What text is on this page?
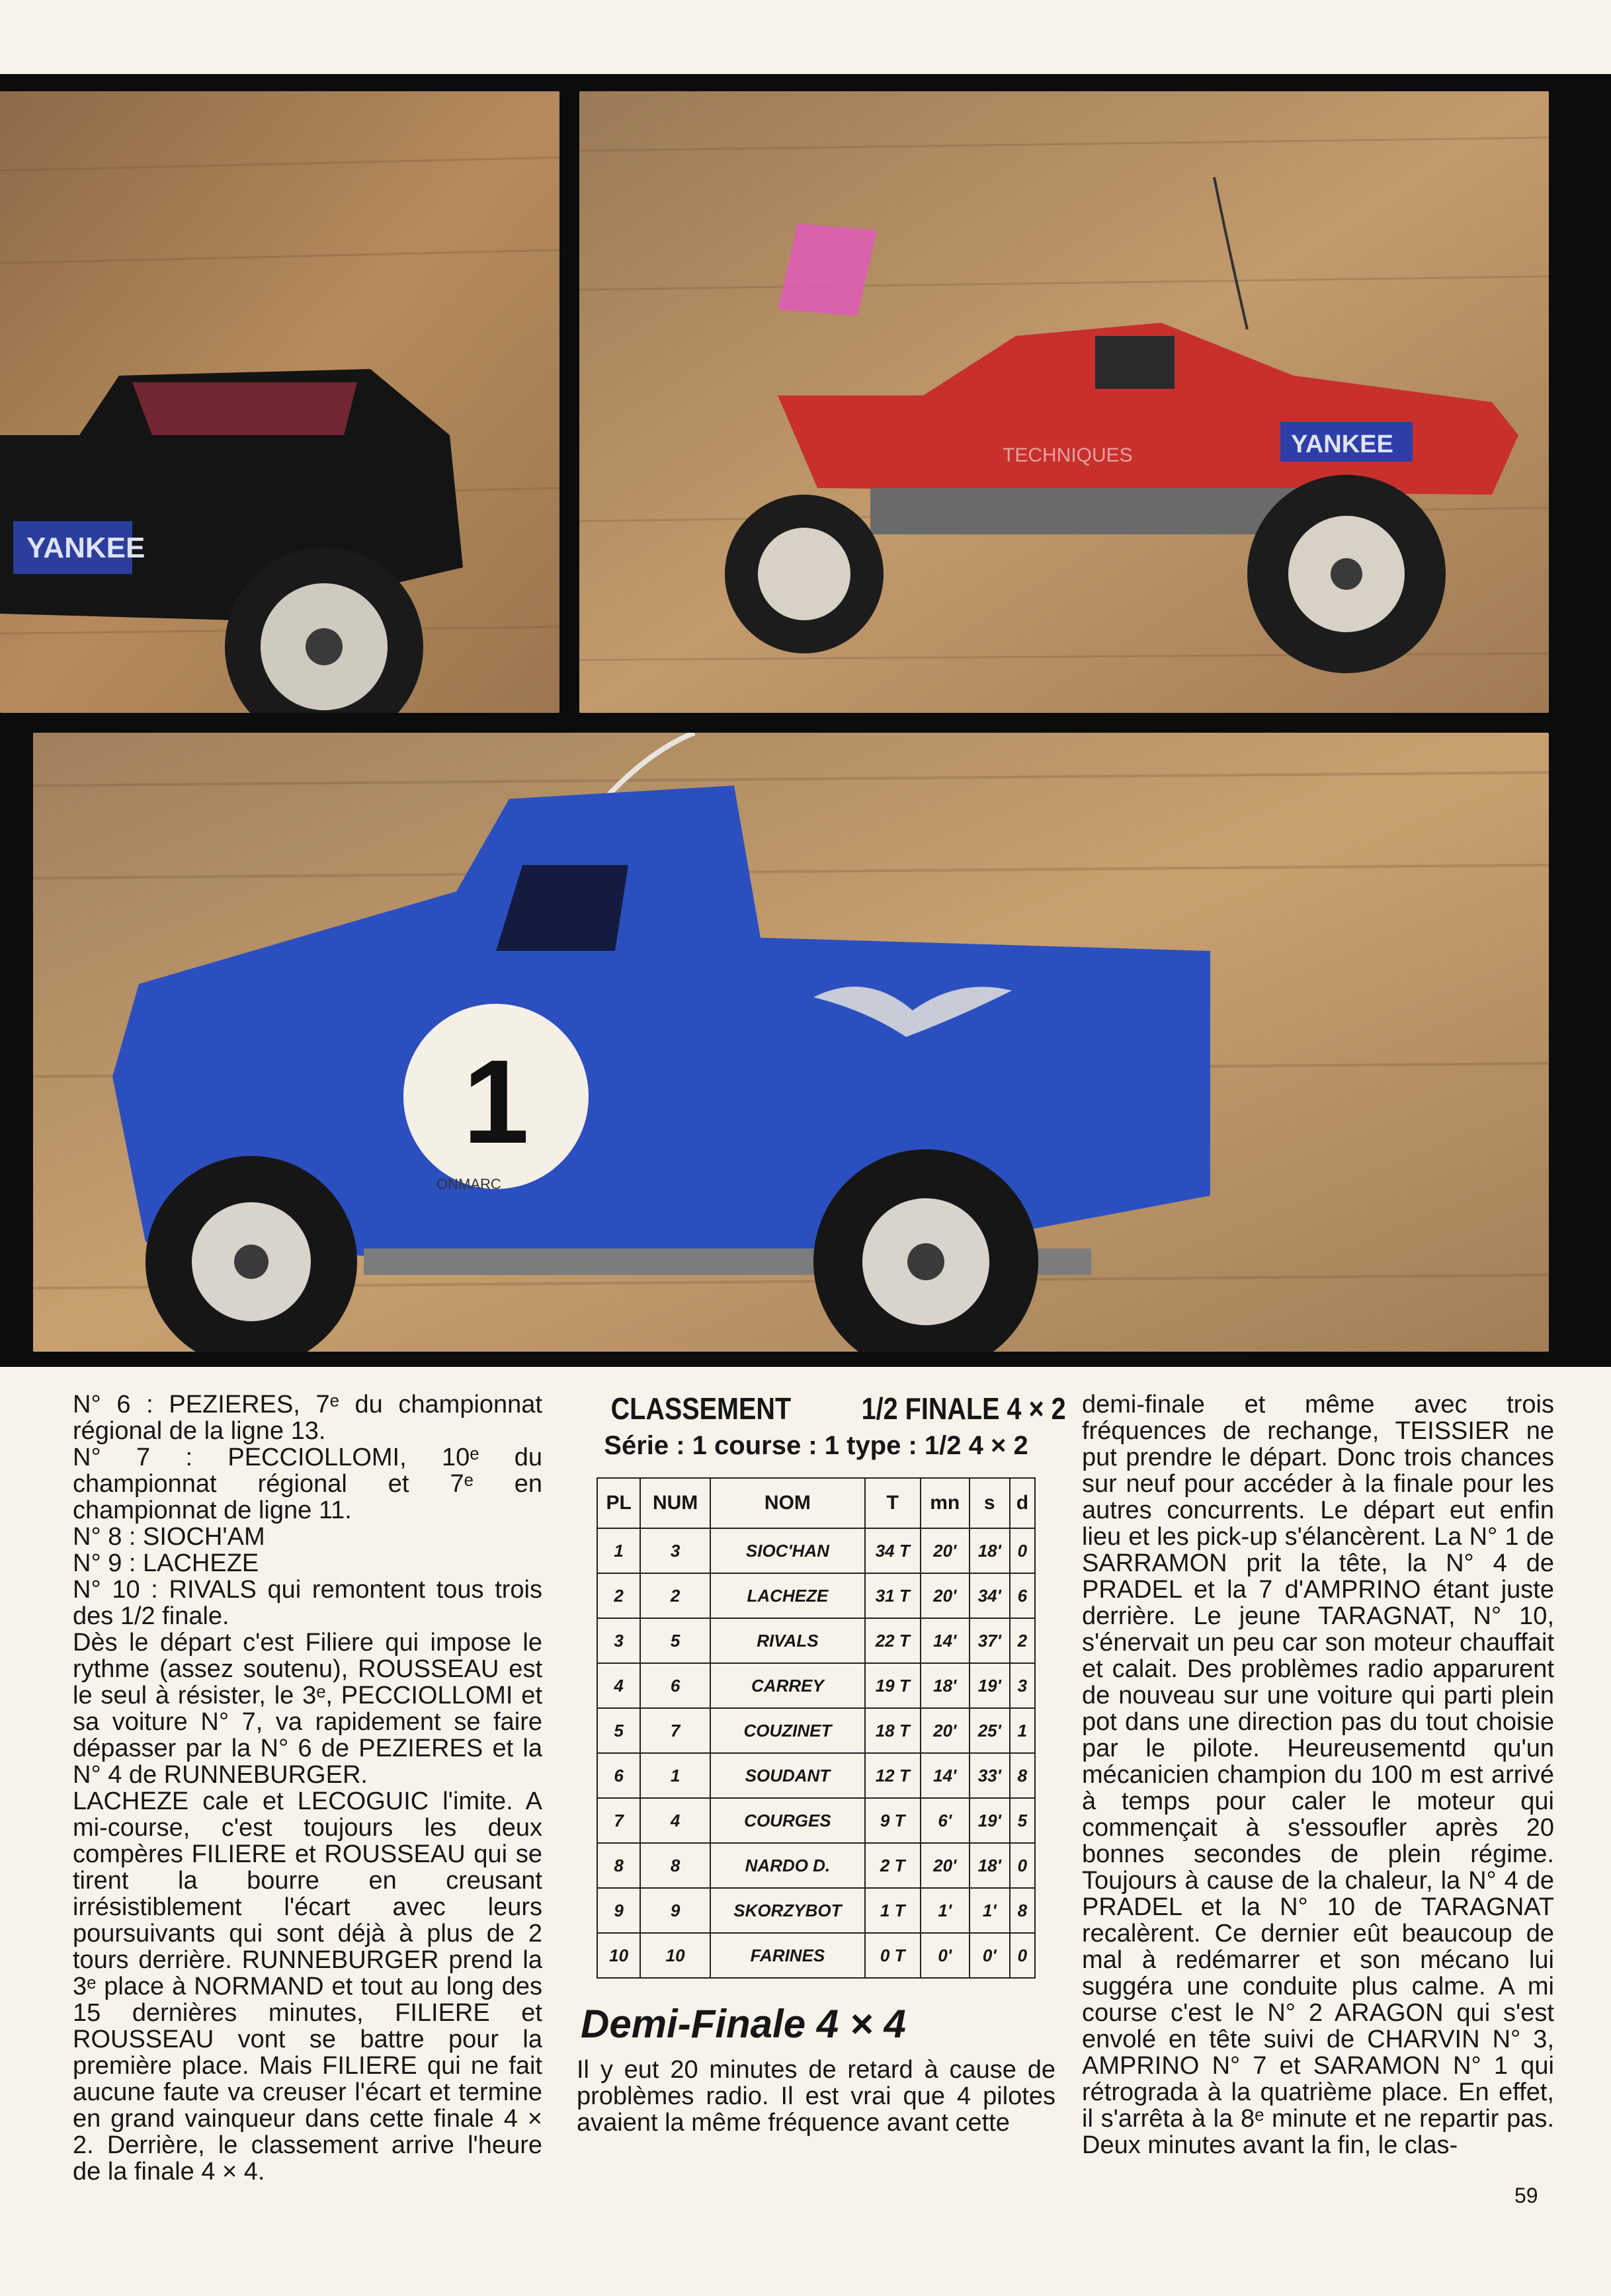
YANKEE
YANKEE
TECHNIQUES
1
ONMARC

N° 6 : PEZIERES, 7ᵉ du championnat régional de la ligne 13.

N° 7 : PECCIOLLOMI, 10ᵉ du championnat régional et 7ᵉ en championnat de ligne 11.

N° 8 : SIOCH'AM

N° 9 : LACHEZE

N° 10 : RIVALS qui remontent tous trois des 1/2 finale.

Dès le départ c'est Filiere qui impose le rythme (assez soutenu), ROUSSEAU est le seul à résister, le 3ᵉ, PECCIOLLOMI et sa voiture N° 7, va rapidement se faire dépasser par la N° 6 de PEZIERES et la N° 4 de RUNNEBURGER.

LACHEZE cale et LECOGUIC l'imite. A mi-course, c'est toujours les deux compères FILIERE et ROUSSEAU qui se tirent la bourre en creusant irrésistiblement l'écart avec leurs poursuivants qui sont déjà à plus de 2 tours derrière. RUNNEBURGER prend la 3ᵉ place à NORMAND et tout au long des 15 dernières minutes, FILIERE et ROUSSEAU vont se battre pour la première place. Mais FILIERE qui ne fait aucune faute va creuser l'écart et termine en grand vainqueur dans cette finale 4 × 2. Derrière, le classement arrive l'heure de la finale 4 × 4.

CLASSEMENT 1/2 FINALE 4 × 2
Série : 1 course : 1 type : 1/2 4 × 2
PL	NUM	NOM	T	mn	s	d
1	3	SIOC'HAN	34 T	20'	18'	0
2	2	LACHEZE	31 T	20'	34'	6
3	5	RIVALS	22 T	14'	37'	2
4	6	CARREY	19 T	18'	19'	3
5	7	COUZINET	18 T	20'	25'	1
6	1	SOUDANT	12 T	14'	33'	8
7	4	COURGES	9 T	6'	19'	5
8	8	NARDO D.	2 T	20'	18'	0
9	9	SKORZYBOT	1 T	1'	1'	8
10	10	FARINES	0 T	0'	0'	0
Demi-Finale 4 × 4

Il y eut 20 minutes de retard à cause de problèmes radio. Il est vrai que 4 pilotes avaient la même fréquence avant cette

demi-finale et même avec trois fréquences de rechange, TEISSIER ne put prendre le départ. Donc trois chances sur neuf pour accéder à la finale pour les autres concurrents. Le départ eut enfin lieu et les pick-up s'élancèrent. La N° 1 de SARRAMON prit la tête, la N° 4 de PRADEL et la 7 d'AMPRINO étant juste derrière. Le jeune TARAGNAT, N° 10, s'énervait un peu car son moteur chauffait et calait. Des problèmes radio apparurent de nouveau sur une voiture qui parti plein pot dans une direction pas du tout choisie par le pilote. Heureusementd qu'un mécanicien champion du 100 m est arrivé à temps pour caler le moteur qui commençait à s'essoufler après 20 bonnes secondes de plein régime. Toujours à cause de la chaleur, la N° 4 de PRADEL et la N° 10 de TARAGNAT recalèrent. Ce dernier eût beaucoup de mal à redémarrer et son mécano lui suggéra une conduite plus calme. A mi course c'est le N° 2 ARAGON qui s'est envolé en tête suivi de CHARVIN N° 3, AMPRINO N° 7 et SARAMON N° 1 qui rétrograda à la quatrième place. En effet, il s'arrêta à la 8ᵉ minute et ne repartir pas. Deux minutes avant la fin, le clas-

59
